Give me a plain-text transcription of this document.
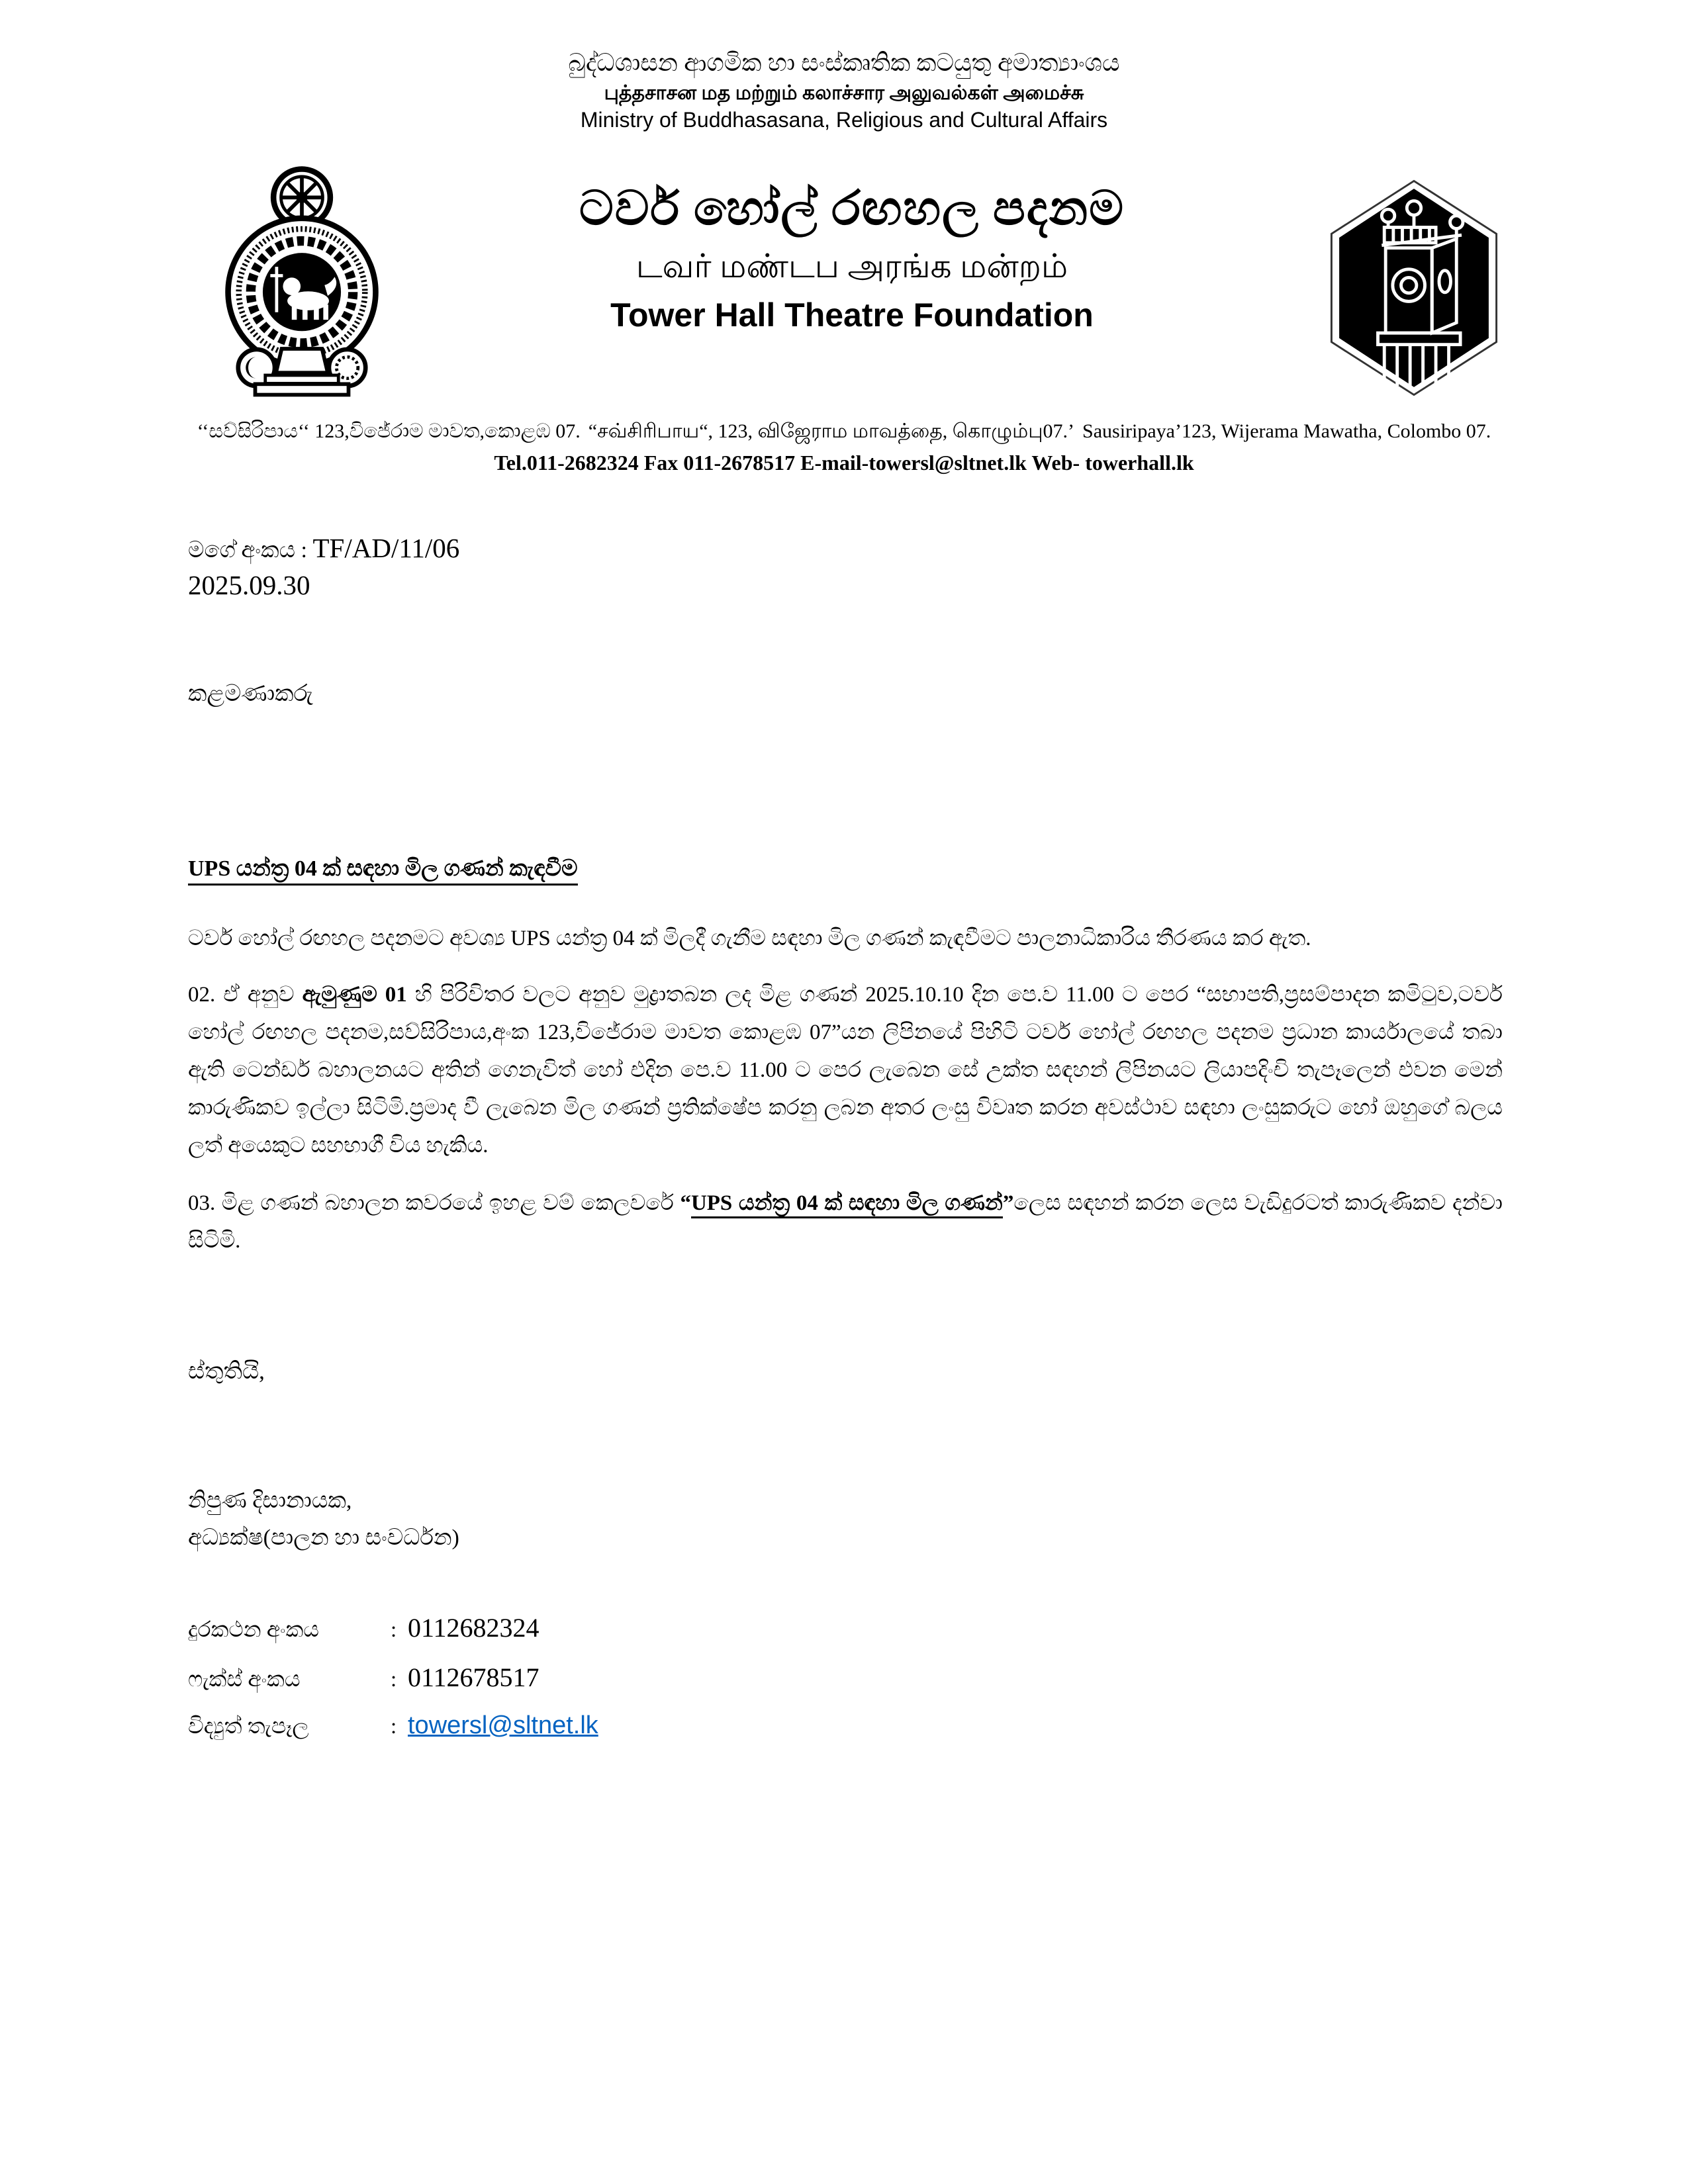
බුද්ධශාසන ආගමික හා සංස්කෘතික කටයුතු අමාත්‍යාංශය
புத்தசாசன மத மற்றும் கலாச்சார அலுவல்கள் அமைச்சு
Ministry of Buddhasasana, Religious and Cultural Affairs
ටවර් හෝල් රඟහල පදනම
டவர் மண்டப அரங்க மன்றம்
Tower Hall Theatre Foundation
‘‘සව්සිරිපාය‘‘ 123,විජේරාම මාවත,කොළඹ 07. “சவ்சிரிபாய“, 123, விஜேராம மாவத்தை, கொழும்பு07.’ Sausiripaya’123, Wijerama Mawatha, Colombo 07.
Tel.011-2682324 Fax 011-2678517 E-mail-towersl@sltnet.lk Web- towerhall.lk
මගේ අංකය : TF/AD/11/06
2025.09.30
කළමණාකරු
UPS යන්ත්‍ර 04 ක් සඳහා මිල ගණන් කැඳවීම
ටවර් හෝල් රඟහල පදනමට අවශ්‍ය UPS යන්ත්‍ර 04 ක් මිලදී ගැනීම සඳහා මිල ගණන් කැඳවීමට පාලනාධිකාරිය තීරණය කර ඇත.
02. ඒ අනුව ඇමුණුම 01 හි පිරිවිතර වලට අනුව මුද්‍රාතබන ලද මිළ ගණන් 2025.10.10 දින පෙ.ව 11.00 ට පෙර “සභාපති,ප්‍රසම්පාදන කමිටුව,ටවර් හෝල් රඟහල පදනම,සව්සිරිපාය,අංක 123,විජේරාම මාවත කොළඹ 07”යන ලිපිනයේ පිහිටි ටවර් හෝල් රඟහල පදනම ප්‍රධාන කාර්යාලයේ තබා ඇති ටෙන්ඩර් බහාලනයට අතින් ගෙනැවිත් හෝ එදින පෙ.ව 11.00 ට පෙර ලැබෙන සේ උක්ත සඳහන් ලිපිනයට ලියාපදිංචි තැපෑලෙන් එවන මෙන් කාරුණිකව ඉල්ලා සිටිමි.ප්‍රමාද වී ලැබෙන මිල ගණන් ප්‍රතික්ෂේප කරනු ලබන අතර ලංසු විවෘත කරන අවස්ථාව සඳහා ලංසුකරුට හෝ ඔහුගේ බලය ලත් අයෙකුට සහභාගී විය හැකිය.
03. මිළ ගණන් බහාලන කවරයේ ඉහළ වම් කෙලවරේ “UPS යන්ත්‍ර 04 ක් සඳහා මිල ගණන්”ලෙස සඳහන් කරන ලෙස වැඩිදුරටත් කාරුණිකව දන්වා සිටිමි.
ස්තුතියි,
නිපුණ දිසානායක,
අධ්‍යක්ෂ(පාලන හා සංවර්ධන)
දුරකථන අංකය	: 0112682324
ෆැක්ස් අංකය	: 0112678517
විද්‍යුත් තැපෑල	: towersl@sltnet.lk
